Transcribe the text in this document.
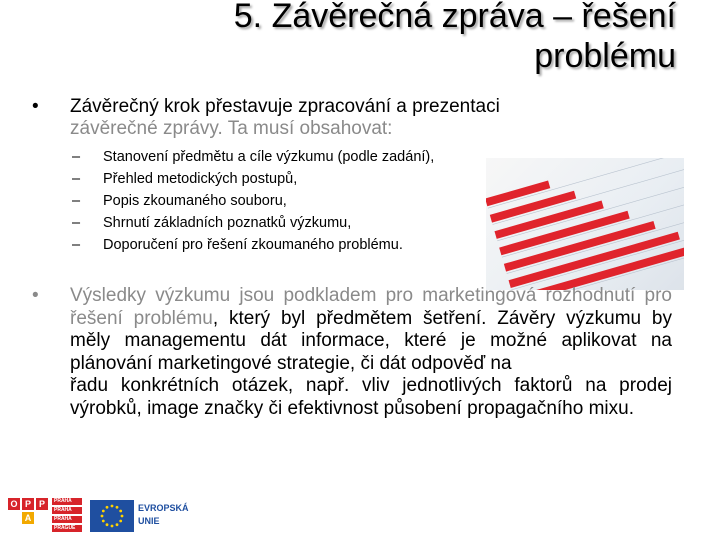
5. Závěrečná zpráva – řešení
problému
• Závěrečný krok přestavuje zpracování a prezentaci
závěrečné zprávy. Ta musí obsahovat:
–	Stanovení předmětu a cíle výzkumu (podle zadání),
–	Přehled metodických postupů,
–	Popis zkoumaného souboru,
–	Shrnutí základních poznatků výzkumu,
–	Doporučení pro řešení zkoumaného problému.
• Výsledky výzkumu jsou podkladem pro marketingová rozhodnutí pro řešení problému, který byl předmětem šetření. Závěry výzkumu by měly managementu dát informace, které je možné aplikovat na plánování marketingové strategie, či dát odpověď na
řadu konkrétních otázek, např. vliv jednotlivých faktorů na prodej výrobků, image značky či efektivnost působení propagačního mixu.
O P P
A
PRAHA
PRAHA
PRAHA
PRAGUE
EVROPSKÁ
UNIE
